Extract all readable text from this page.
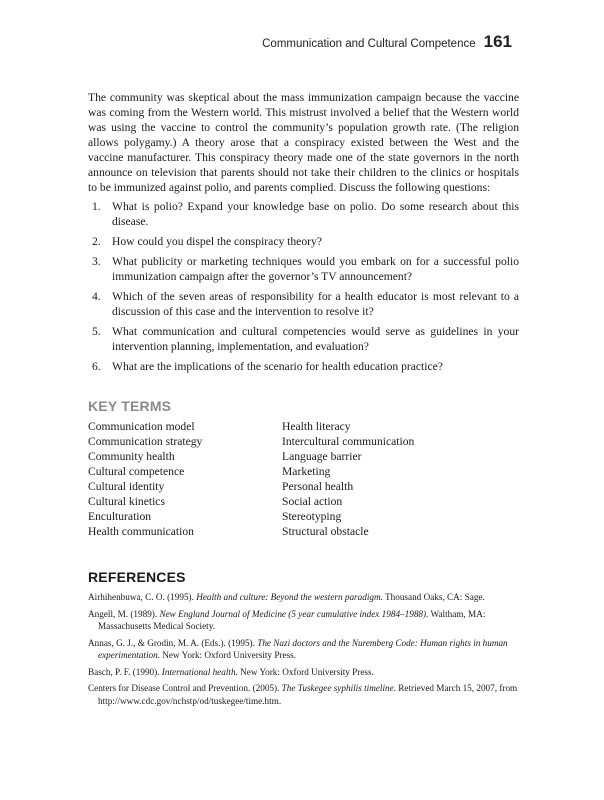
Communication and Cultural Competence 161

The community was skeptical about the mass immunization campaign because the vaccine was coming from the Western world. This mistrust involved a belief that the Western world was using the vaccine to control the community’s population growth rate. (The religion allows polygamy.) A theory arose that a conspiracy existed between the West and the vaccine manufacturer. This conspiracy theory made one of the state governors in the north announce on television that parents should not take their children to the clinics or hospitals to be immunized against polio, and parents complied. Discuss the following questions:

1. What is polio? Expand your knowledge base on polio. Do some research about this disease.
2. How could you dispel the conspiracy theory?
3. What publicity or marketing techniques would you embark on for a successful polio immunization campaign after the governor’s TV announcement?
4. Which of the seven areas of responsibility for a health educator is most relevant to a discussion of this case and the intervention to resolve it?
5. What communication and cultural competencies would serve as guidelines in your intervention planning, implementation, and evaluation?
6. What are the implications of the scenario for health education practice?
KEY TERMS
Communication model
Communication strategy
Community health
Cultural competence
Cultural identity
Cultural kinetics
Enculturation
Health communication
Health literacy
Intercultural communication
Language barrier
Marketing
Personal health
Social action
Stereotyping
Structural obstacle
REFERENCES
Airhihenbuwa, C. O. (1995). Health and culture: Beyond the western paradigm. Thousand Oaks, CA: Sage.
Angell, M. (1989). New England Journal of Medicine (5 year cumulative index 1984–1988). Waltham, MA: Massachusetts Medical Society.
Annas, G. J., & Grodin, M. A. (Eds.). (1995). The Nazi doctors and the Nuremberg Code: Human rights in human experimentation. New York: Oxford University Press.
Basch, P. F. (1990). International health. New York: Oxford University Press.
Centers for Disease Control and Prevention. (2005). The Tuskegee syphilis timeline. Retrieved March 15, 2007, from http://www.cdc.gov/nchstp/od/tuskegee/time.htm.
